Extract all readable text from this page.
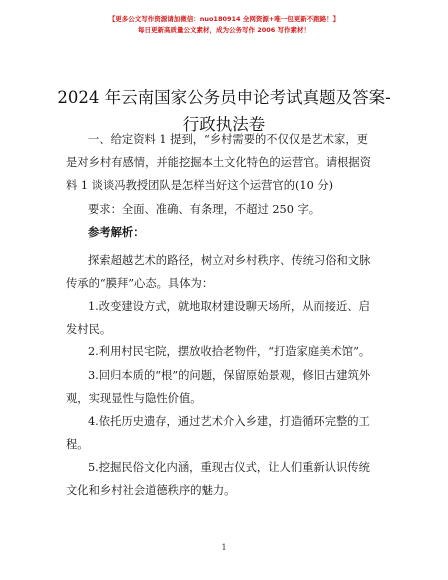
【更多公文写作资源请加微信：nuo180914 全网资源+唯一包更新不跑路！】
每日更新高质量公文素材，成为公务写作 2006 写作素材！
2024 年云南国家公务员申论考试真题及答案-
行政执法卷
一、给定资料 1 提到，“乡村需要的不仅仅是艺术家，更
是对乡村有感情，并能挖掘本土文化特色的运营官。请根据资
料 1 谈谈冯教授团队是怎样当好这个运营官的(10 分)
要求：全面、准确、有条理，不超过 250 字。
参考解析：
探索超越艺术的路径，树立对乡村秩序、传统习俗和文脉
传承的“膜拜”心态。具体为：
1.改变建设方式，就地取材建设聊天场所，从而接近、启
发村民。
2.利用村民宅院，摆放收拾老物件，“打造家庭美术馆”。
3.回归本质的“根”的问题，保留原始景观，修旧古建筑外
观，实现显性与隐性价值。
4.依托历史遗存，通过艺术介入乡建，打造循环完整的工
程。
5.挖掘民俗文化内涵，重现古仪式，让人们重新认识传统
文化和乡村社会道德秩序的魅力。
1
